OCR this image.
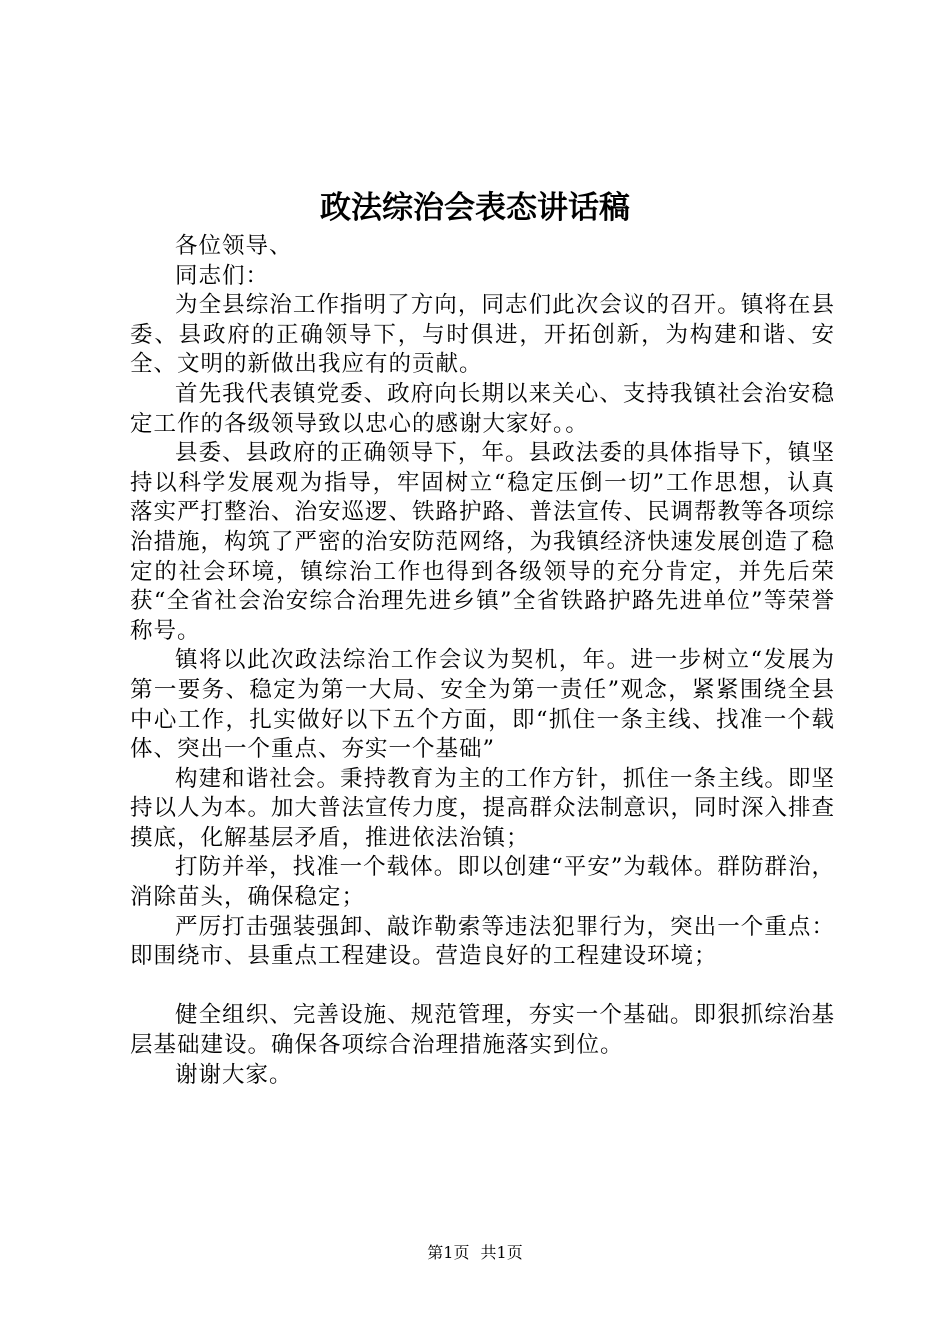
政法综治会表态讲话稿

各位领导、

同志们：

为全县综治工作指明了方向，同志们此次会议的召开。镇将在县委、县政府的正确领导下，与时俱进，开拓创新，为构建和谐、安全、文明的新做出我应有的贡献。

首先我代表镇党委、政府向长期以来关心、支持我镇社会治安稳定工作的各级领导致以忠心的感谢大家好。。

县委、县政府的正确领导下，年。县政法委的具体指导下，镇坚持以科学发展观为指导，牢固树立“稳定压倒一切”工作思想，认真落实严打整治、治安巡逻、铁路护路、普法宣传、民调帮教等各项综治措施，构筑了严密的治安防范网络，为我镇经济快速发展创造了稳定的社会环境，镇综治工作也得到各级领导的充分肯定，并先后荣获“全省社会治安综合治理先进乡镇”全省铁路护路先进单位”等荣誉称号。

镇将以此次政法综治工作会议为契机，年。进一步树立“发展为第一要务、稳定为第一大局、安全为第一责任”观念，紧紧围绕全县中心工作，扎实做好以下五个方面，即“抓住一条主线、找准一个载体、突出一个重点、夯实一个基础”

构建和谐社会。秉持教育为主的工作方针，抓住一条主线。即坚持以人为本。加大普法宣传力度，提高群众法制意识，同时深入排查摸底，化解基层矛盾，推进依法治镇；

打防并举，找准一个载体。即以创建“平安”为载体。群防群治，消除苗头，确保稳定；

严厉打击强装强卸、敲诈勒索等违法犯罪行为，突出一个重点：即围绕市、县重点工程建设。营造良好的工程建设环境；

健全组织、完善设施、规范管理，夯实一个基础。即狠抓综治基层基础建设。确保各项综合治理措施落实到位。

谢谢大家。

第1页 共1页
